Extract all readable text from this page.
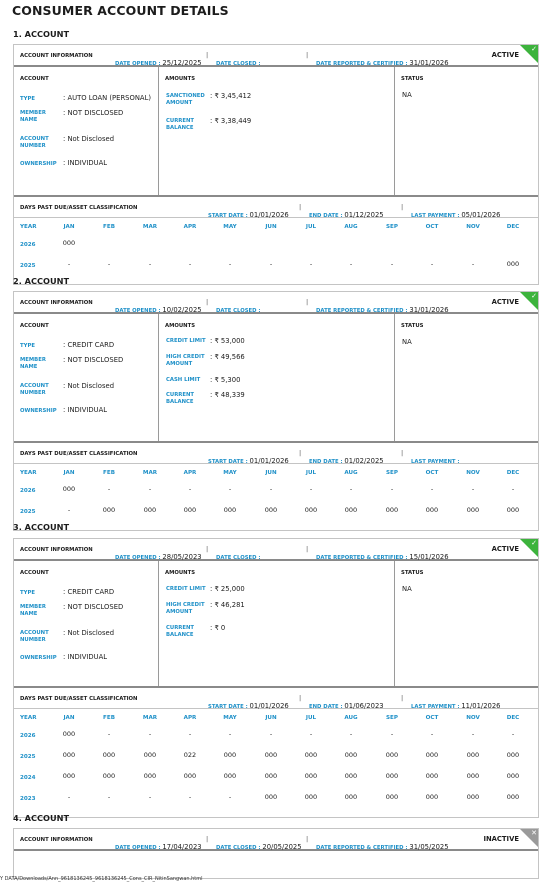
CONSUMER ACCOUNT DETAILS
1. ACCOUNT
ACCOUNT INFORMATION
DATE OPENED : 25/12/2025
|
DATE CLOSED :
|
DATE REPORTED & CERTIFIED : 31/01/2026
ACTIVE
✓
ACCOUNT	AMOUNTS	STATUS
TYPE	: AUTO LOAN (PERSONAL)
MEMBER NAME
: NOT DISCLOSED
ACCOUNT NUMBER
: Not Disclosed
OWNERSHIP : INDIVIDUAL
SANCTIONED AMOUNT
: ₹ 3,45,412
CURRENT BALANCE
: ₹ 3,38,449
NA
DAYS PAST DUE/ASSET CLASSIFICATION
START DATE : 01/01/2026
|
END DATE : 01/12/2025
|
LAST PAYMENT : 05/01/2026
YEAR	JAN	FEB	MAR	APR	MAY	JUN	JUL	AUG	SEP	OCT	NOV	DEC
2026	000
2025	-	-	-	-	-	-	-	-	-	-	-	000
2. ACCOUNT
ACCOUNT INFORMATION
DATE OPENED : 10/02/2025
|
DATE CLOSED :
|
DATE REPORTED & CERTIFIED : 31/01/2026
ACTIVE
✓
ACCOUNT	AMOUNTS	STATUS
TYPE	: CREDIT CARD
MEMBER NAME
: NOT DISCLOSED
ACCOUNT NUMBER
: Not Disclosed
OWNERSHIP : INDIVIDUAL
CREDIT LIMIT : ₹ 53,000
HIGH CREDIT AMOUNT
: ₹ 49,566
CASH LIMIT	: ₹ 5,300
CURRENT BALANCE
: ₹ 48,339
NA
DAYS PAST DUE/ASSET CLASSIFICATION
START DATE : 01/01/2026
|
END DATE : 01/02/2025
|
LAST PAYMENT :
YEAR	JAN	FEB	MAR	APR	MAY	JUN	JUL	AUG	SEP	OCT	NOV	DEC
2026	000	-	-	-	-	-	-	-	-	-	-	-
2025	-	000	000	000	000	000	000	000	000	000	000	000
3. ACCOUNT
ACCOUNT INFORMATION
DATE OPENED : 28/05/2023
|
DATE CLOSED :
|
DATE REPORTED & CERTIFIED : 15/01/2026
ACTIVE
✓
ACCOUNT	AMOUNTS	STATUS
TYPE	: CREDIT CARD
MEMBER NAME
: NOT DISCLOSED
ACCOUNT NUMBER
: Not Disclosed
OWNERSHIP : INDIVIDUAL
CREDIT LIMIT : ₹ 25,000
HIGH CREDIT AMOUNT
: ₹ 46,281
CURRENT BALANCE
: ₹ 0
NA
DAYS PAST DUE/ASSET CLASSIFICATION
START DATE : 01/01/2026
|
END DATE : 01/06/2023
|
LAST PAYMENT : 11/01/2026
YEAR	JAN	FEB	MAR	APR	MAY	JUN	JUL	AUG	SEP	OCT	NOV	DEC
2026	000	-	-	-	-	-	-	-	-	-	-	-
2025	000	000	000	022	000	000	000	000	000	000	000	000
2024	000	000	000	000	000	000	000	000	000	000	000	000
2023	-	-	-	-	-	000	000	000	000	000	000	000
4. ACCOUNT
ACCOUNT INFORMATION
DATE OPENED : 17/04/2023
|
DATE CLOSED : 20/05/2025
|
DATE REPORTED & CERTIFIED : 31/05/2025
INACTIVE
✕
Y DATA/Downloads/Ann_9618136245_9618136245_Cons_CIR_NitinSangwan.html
